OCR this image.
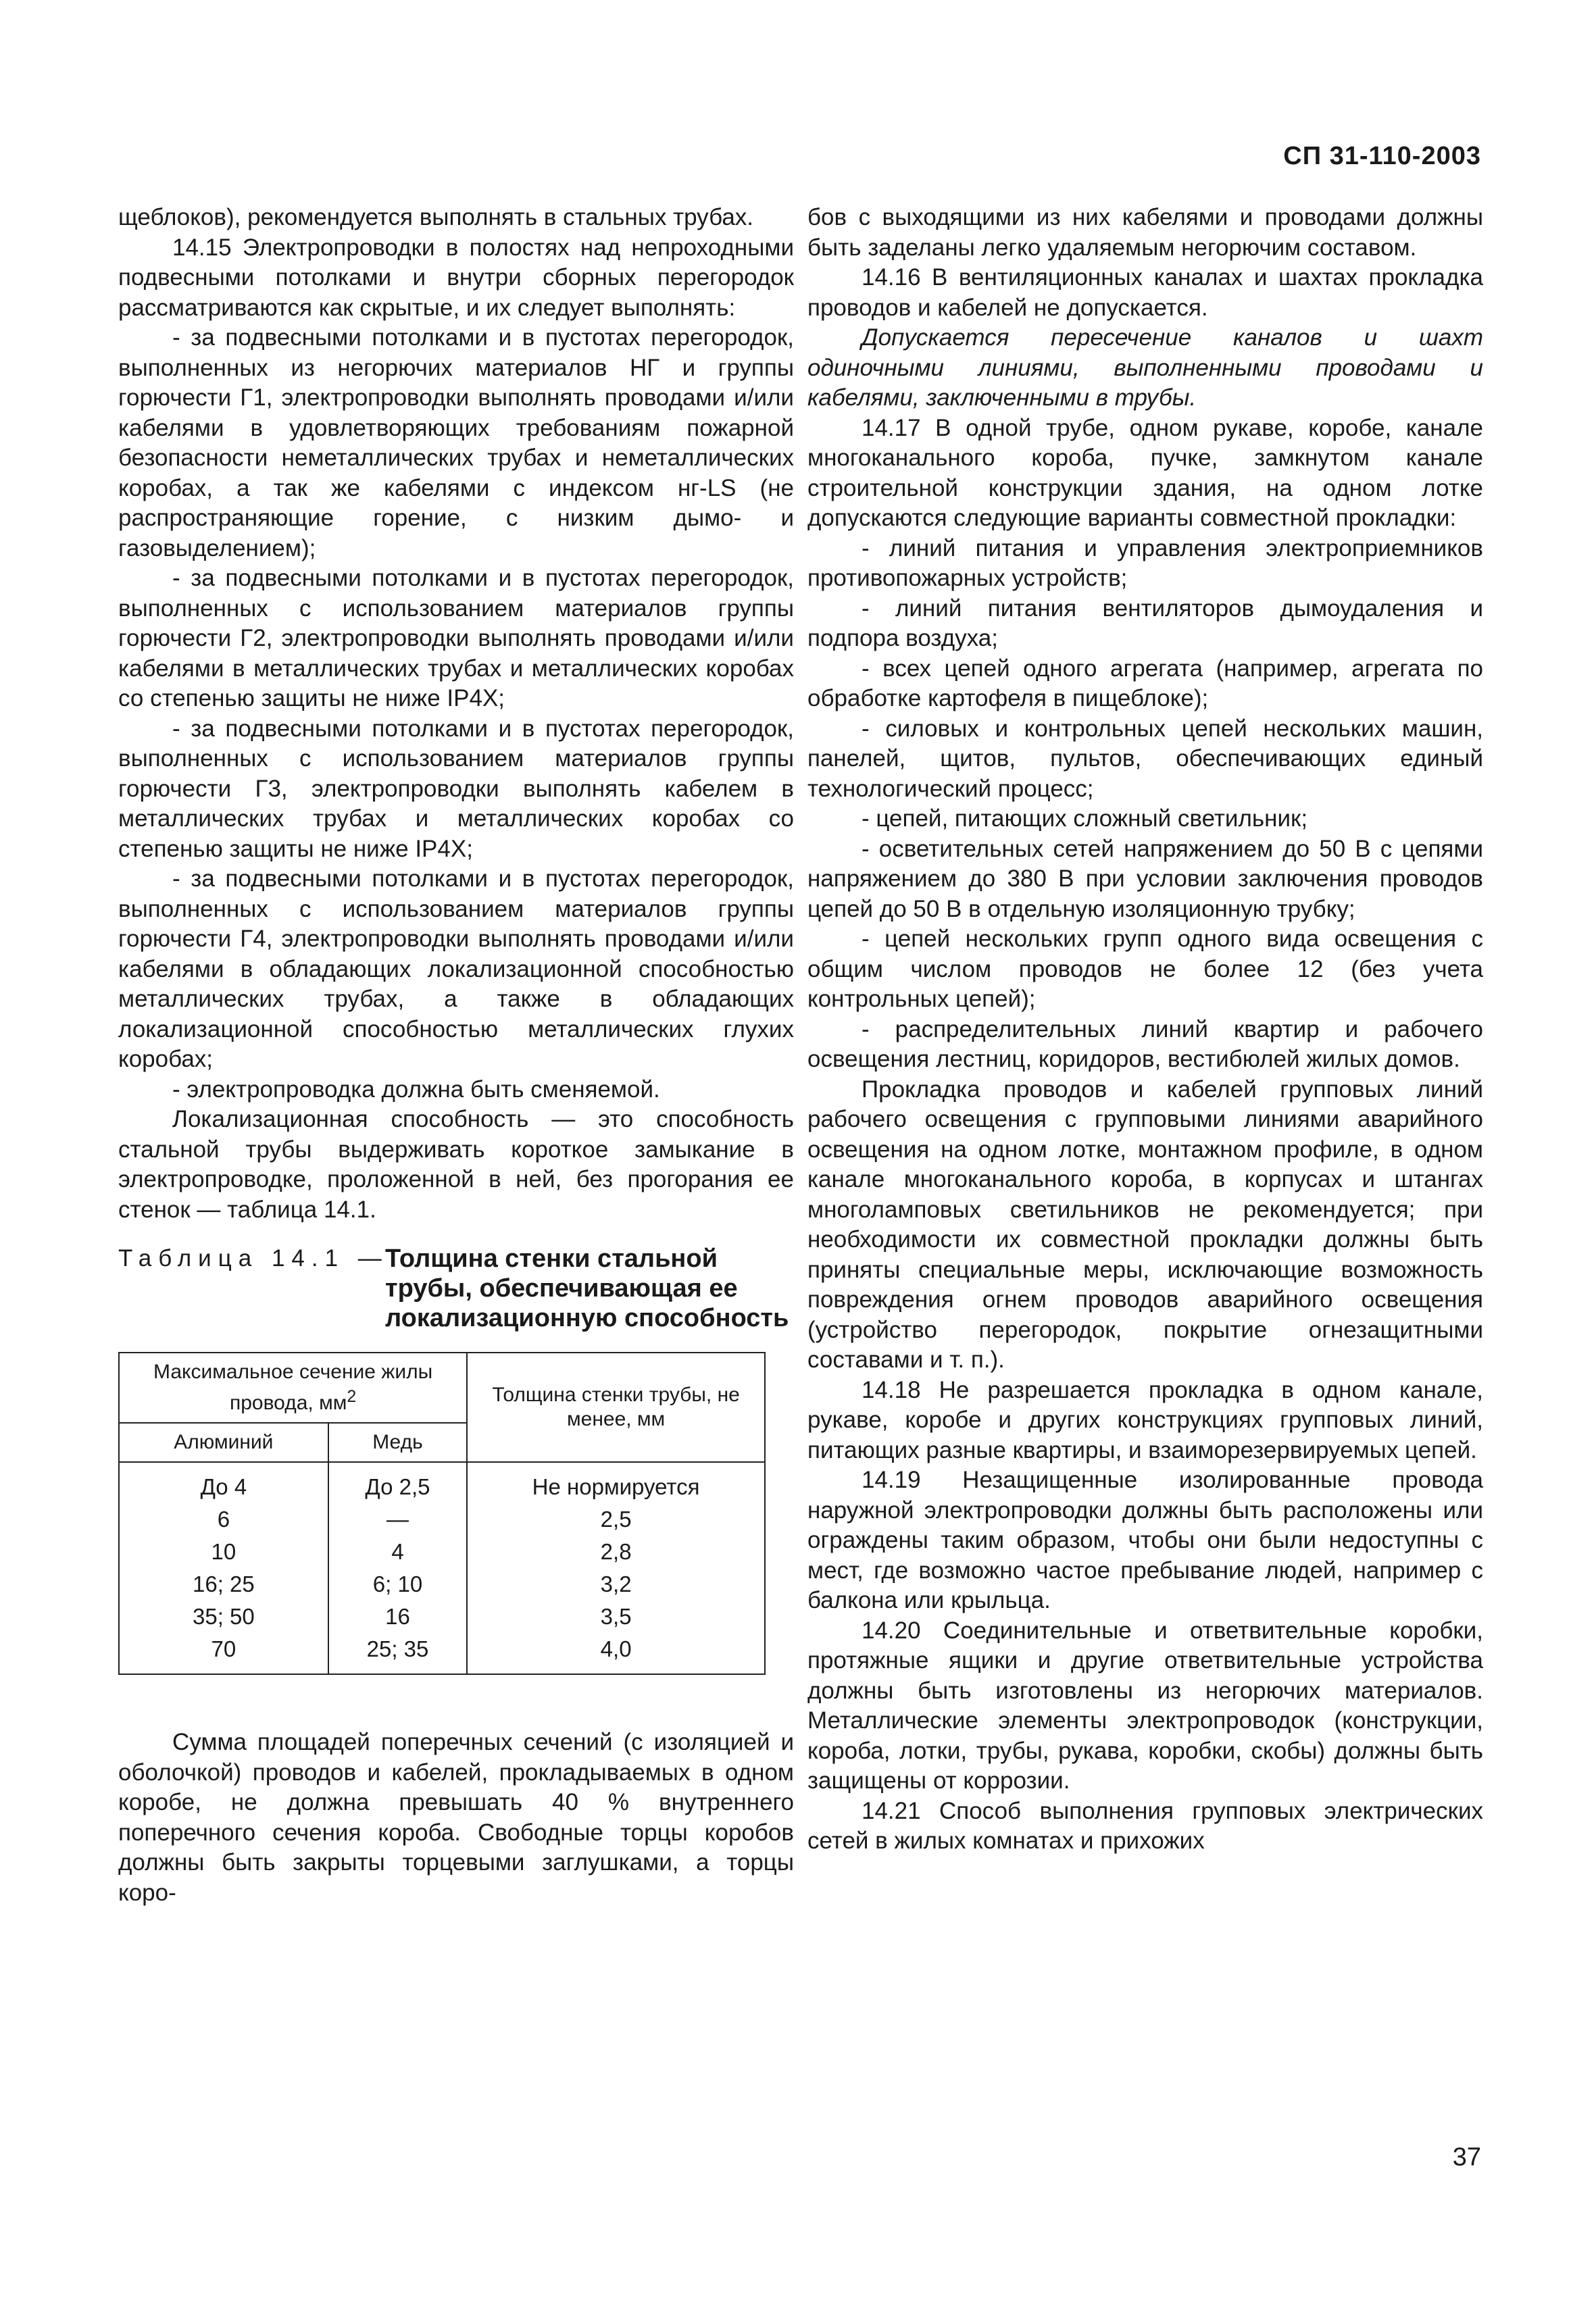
СП 31-110-2003

щеблоков), рекомендуется выполнять в стальных трубах.

14.15 Электропроводки в полостях над непроходными подвесными потолками и внутри сборных перегородок рассматриваются как скрытые, и их следует выполнять:

- за подвесными потолками и в пустотах перегородок, выполненных из негорючих материалов НГ и группы горючести Г1, электропроводки выполнять проводами и/или кабелями в удовлетворяющих требованиям пожарной безопасности неметаллических трубах и неметаллических коробах, а так же кабелями с индексом нг-LS (не распространяющие горение, с низким дымо- и газовыделением);

- за подвесными потолками и в пустотах перегородок, выполненных с использованием материалов группы горючести Г2, электропроводки выполнять проводами и/или кабелями в металлических трубах и металлических коробах со степенью защиты не ниже IP4X;

- за подвесными потолками и в пустотах перегородок, выполненных с использованием материалов группы горючести Г3, электропроводки выполнять кабелем в металлических трубах и металлических коробах со степенью защиты не ниже IP4X;

- за подвесными потолками и в пустотах перегородок, выполненных с использованием материалов группы горючести Г4, электропроводки выполнять проводами и/или кабелями в обладающих локализационной способностью металлических трубах, а также в обладающих локализационной способностью металлических глухих коробах;

- электропроводка должна быть сменяемой.

Локализационная способность — это способность стальной трубы выдерживать короткое замыкание в электропроводке, проложенной в ней, без прогорания ее стенок — таблица 14.1.

Таблица 14.1 —
Толщина стенки стальной трубы, обеспечивающая ее локализационную способность
Максимальное сечение жилы провода, $мм^2$		Толщина стенки трубы, не менее, мм
Алюминий	Медь	
До 4	До 2,5	Не нормируется
6	—	2,5
10	4	2,8
16; 25	6; 10	3,2
35; 50	16	3,5
70	25; 35	4,0

Сумма площадей поперечных сечений (с изоляцией и оболочкой) проводов и кабелей, прокладываемых в одном коробе, не должна превышать 40 % внутреннего поперечного сечения короба. Свободные торцы коробов должны быть закрыты торцевыми заглушками, а торцы коро-

бов с выходящими из них кабелями и проводами должны быть заделаны легко удаляемым негорючим составом.

14.16 В вентиляционных каналах и шахтах прокладка проводов и кабелей не допускается.

Допускается пересечение каналов и шахт одиночными линиями, выполненными проводами и кабелями, заключенными в трубы.

14.17 В одной трубе, одном рукаве, коробе, канале многоканального короба, пучке, замкнутом канале строительной конструкции здания, на одном лотке допускаются следующие варианты совместной прокладки:

- линий питания и управления электроприемников противопожарных устройств;

- линий питания вентиляторов дымоудаления и подпора воздуха;

- всех цепей одного агрегата (например, агрегата по обработке картофеля в пищеблоке);

- силовых и контрольных цепей нескольких машин, панелей, щитов, пультов, обеспечивающих единый технологический процесс;

- цепей, питающих сложный светильник;

- осветительных сетей напряжением до 50 В с цепями напряжением до 380 В при условии заключения проводов цепей до 50 В в отдельную изоляционную трубку;

- цепей нескольких групп одного вида освещения с общим числом проводов не более 12 (без учета контрольных цепей);

- распределительных линий квартир и рабочего освещения лестниц, коридоров, вестибюлей жилых домов.

Прокладка проводов и кабелей групповых линий рабочего освещения с групповыми линиями аварийного освещения на одном лотке, монтажном профиле, в одном канале многоканального короба, в корпусах и штангах многоламповых светильников не рекомендуется; при необходимости их совместной прокладки должны быть приняты специальные меры, исключающие возможность повреждения огнем проводов аварийного освещения (устройство перегородок, покрытие огнезащитными составами и т. п.).

14.18 Не разрешается прокладка в одном канале, рукаве, коробе и других конструкциях групповых линий, питающих разные квартиры, и взаиморезервируемых цепей.

14.19 Незащищенные изолированные провода наружной электропроводки должны быть расположены или ограждены таким образом, чтобы они были недоступны с мест, где возможно частое пребывание людей, например с балкона или крыльца.

14.20 Соединительные и ответвительные коробки, протяжные ящики и другие ответвительные устройства должны быть изготовлены из негорючих материалов. Металлические элементы электропроводок (конструкции, короба, лотки, трубы, рукава, коробки, скобы) должны быть защищены от коррозии.

14.21 Способ выполнения групповых электрических сетей в жилых комнатах и прихожих

37
